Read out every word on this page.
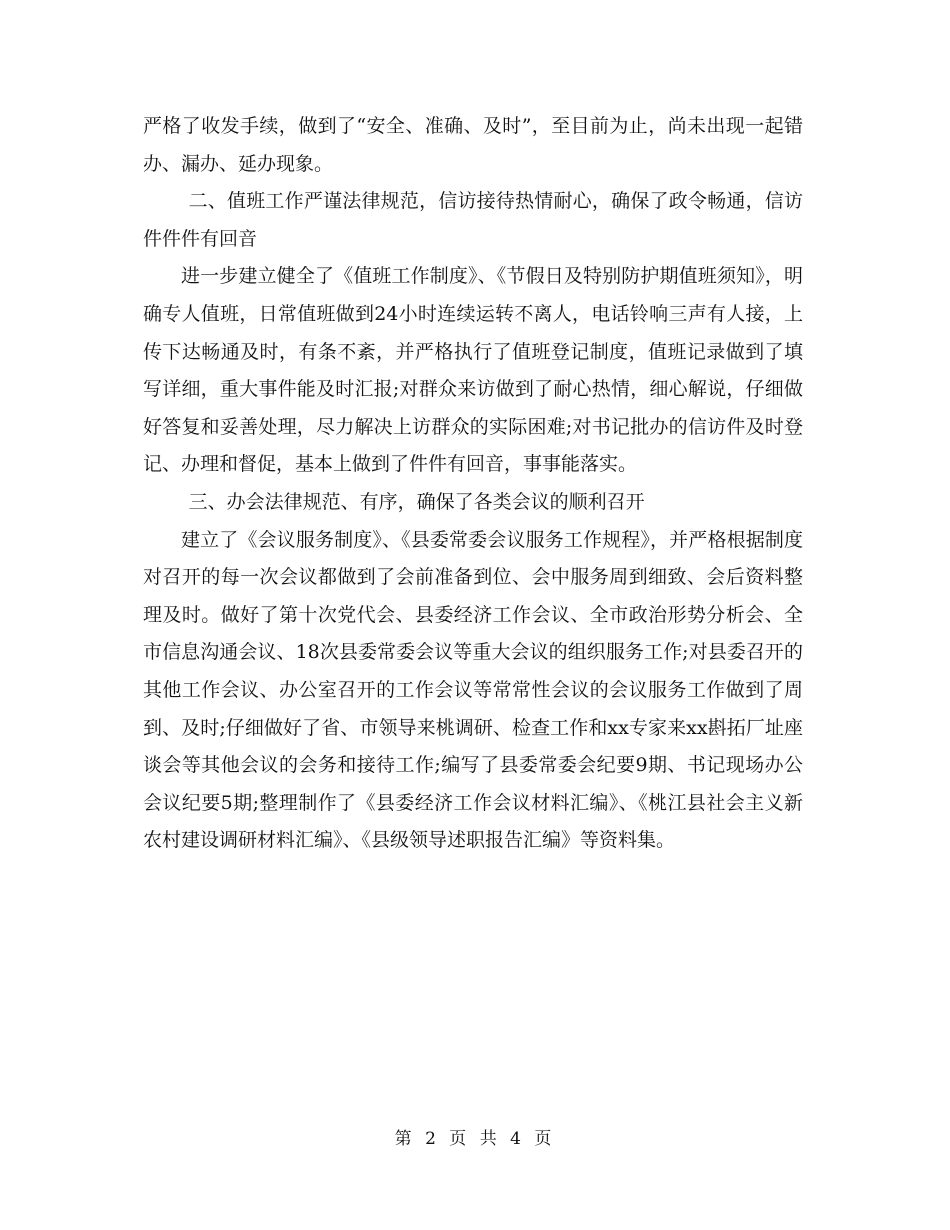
严格了收发手续，做到了“安全、准确、及时”，至目前为止，尚未出现一起错办、漏办、延办现象。

二、值班工作严谨法律规范，信访接待热情耐心，确保了政令畅通，信访件件件有回音

进一步建立健全了《值班工作制度》、《节假日及特别防护期值班须知》，明确专人值班，日常值班做到24小时连续运转不离人，电话铃响三声有人接，上传下达畅通及时，有条不紊，并严格执行了值班登记制度，值班记录做到了填写详细，重大事件能及时汇报;对群众来访做到了耐心热情，细心解说，仔细做好答复和妥善处理，尽力解决上访群众的实际困难;对书记批办的信访件及时登记、办理和督促，基本上做到了件件有回音，事事能落实。

三、办会法律规范、有序，确保了各类会议的顺利召开

建立了《会议服务制度》、《县委常委会议服务工作规程》，并严格根据制度对召开的每一次会议都做到了会前准备到位、会中服务周到细致、会后资料整理及时。做好了第十次党代会、县委经济工作会议、全市政治形势分析会、全市信息沟通会议、18次县委常委会议等重大会议的组织服务工作;对县委召开的其他工作会议、办公室召开的工作会议等常常性会议的会议服务工作做到了周到、及时;仔细做好了省、市领导来桃调研、检查工作和xx专家来xx斟拓厂址座谈会等其他会议的会务和接待工作;编写了县委常委会纪要9期、书记现场办公会议纪要5期;整理制作了《县委经济工作会议材料汇编》、《桃江县社会主义新农村建设调研材料汇编》、《县级领导述职报告汇编》等资料集。

第 2 页 共 4 页
